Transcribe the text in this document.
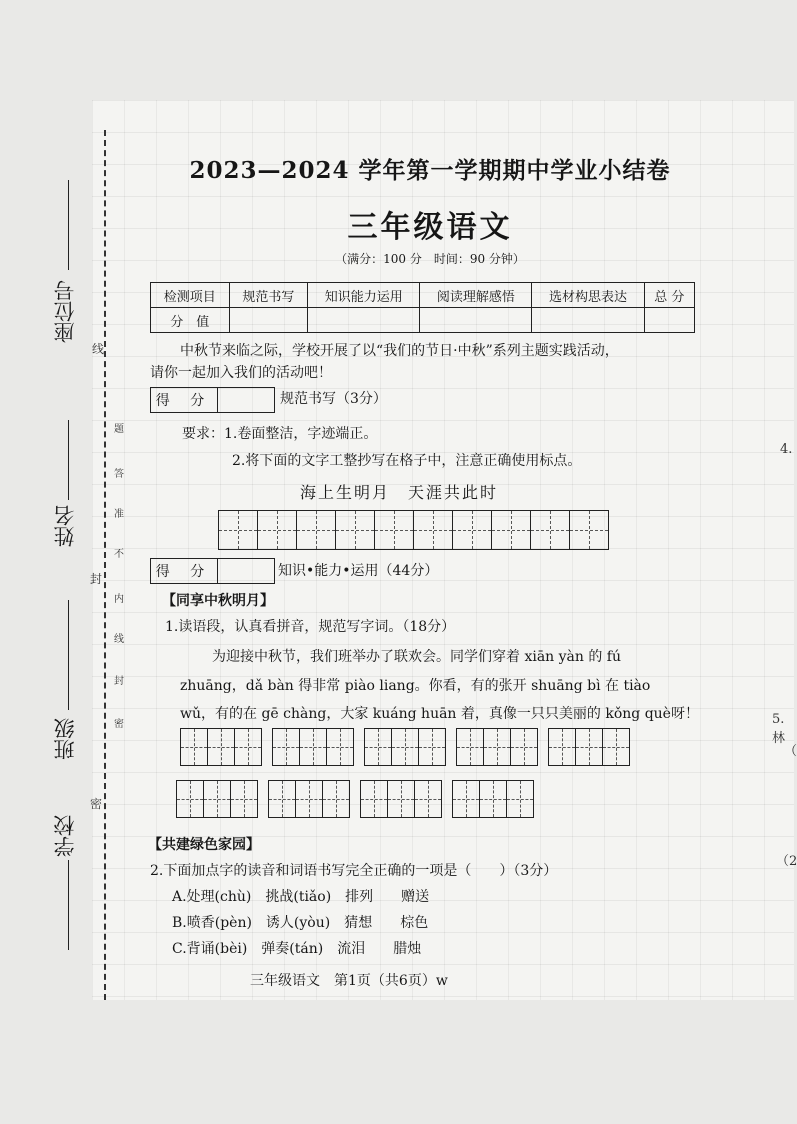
座位号
姓名
班级
学校
线
封
密
题
答
准
不
内
线
封
密
2023—2024 学年第一学期期中学业小结卷
三年级语文
（满分：100 分　时间：90 分钟）
检测项目	规范书写	知识能力运用	阅读理解感悟	选材构思表达	总 分
分　值					
中秋节来临之际，学校开展了以“我们的节日·中秋”系列主题实践活动，
请你一起加入我们的活动吧！
得 分	规范书写（3分）
要求：1.卷面整洁，字迹端正。
2.将下面的文字工整抄写在格子中，注意正确使用标点。
海上生明月　天涯共此时
得 分	知识•能力•运用（44分）
【同享中秋明月】
1.读语段，认真看拼音，规范写字词。（18分）
为迎接中秋节，我们班举办了联欢会。同学们穿着 xiān yàn 的 fú
zhuāng，dǎ bàn 得非常 piào liang。你看，有的张开 shuāng bì 在 tiào
wǔ，有的在 gē chàng，大家 kuáng huān 着，真像一只只美丽的 kǒng què呀！
【共建绿色家园】
2.下面加点字的读音和词语书写完全正确的一项是（　　）（3分）
A.处理(chù)　挑战(tiǎo)　排列　　赠送
B.喷香(pèn)　诱人(yòu)　猜想　　棕色
C.背诵(bèi)　弹奏(tán)　流泪　　腊烛
三年级语文　第1页（共6页）w
4.
5.林
（
（2
